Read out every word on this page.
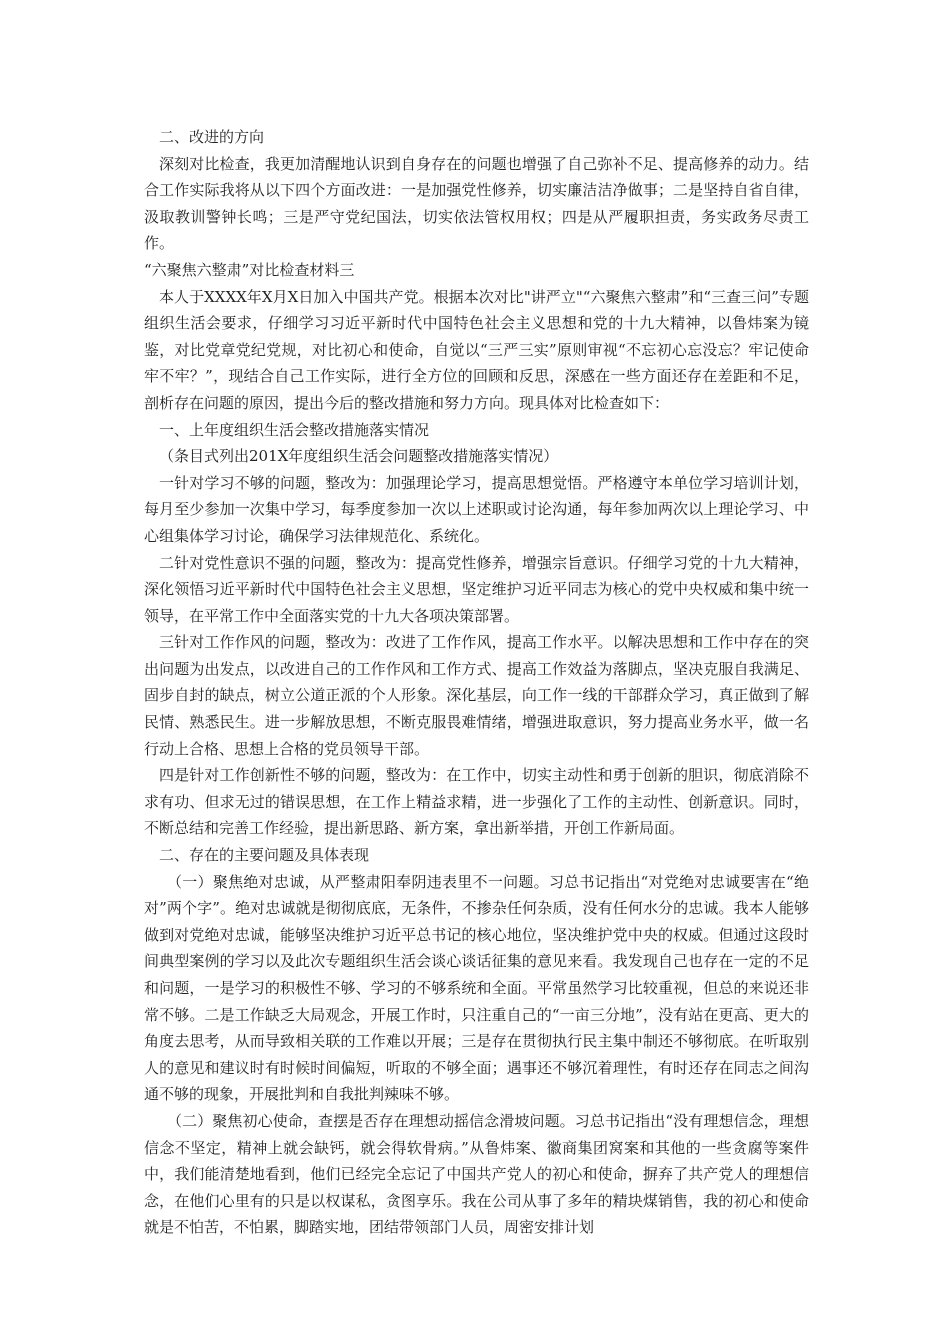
二、改进的方向

深刻对比检查，我更加清醒地认识到自身存在的问题也增强了自己弥补不足、提高修养的动力。结合工作实际我将从以下四个方面改进：一是加强党性修养，切实廉洁洁净做事；二是坚持自省自律，汲取教训警钟长鸣；三是严守党纪国法，切实依法管权用权；四是从严履职担责，务实政务尽责工作。

“六聚焦六整肃”对比检查材料三

本人于XXXX年X月X日加入中国共产党。根据本次对比"讲严立"“六聚焦六整肃”和“三查三问”专题组织生活会要求，仔细学习习近平新时代中国特色社会主义思想和党的十九大精神，以鲁炜案为镜鉴，对比党章党纪党规，对比初心和使命，自觉以“三严三实”原则审视“不忘初心忘没忘？牢记使命牢不牢？”，现结合自己工作实际，进行全方位的回顾和反思，深感在一些方面还存在差距和不足，剖析存在问题的原因，提出今后的整改措施和努力方向。现具体对比检查如下：

一、上年度组织生活会整改措施落实情况

（条目式列出201X年度组织生活会问题整改措施落实情况）

一针对学习不够的问题，整改为：加强理论学习，提高思想觉悟。严格遵守本单位学习培训计划，每月至少参加一次集中学习，每季度参加一次以上述职或讨论沟通，每年参加两次以上理论学习、中心组集体学习讨论，确保学习法律规范化、系统化。

二针对党性意识不强的问题，整改为：提高党性修养，增强宗旨意识。仔细学习党的十九大精神，深化领悟习近平新时代中国特色社会主义思想，坚定维护习近平同志为核心的党中央权威和集中统一领导，在平常工作中全面落实党的十九大各项决策部署。

三针对工作作风的问题，整改为：改进了工作作风，提高工作水平。以解决思想和工作中存在的突出问题为出发点，以改进自己的工作作风和工作方式、提高工作效益为落脚点，坚决克服自我满足、固步自封的缺点，树立公道正派的个人形象。深化基层，向工作一线的干部群众学习，真正做到了解民情、熟悉民生。进一步解放思想，不断克服畏难情绪，增强进取意识，努力提高业务水平，做一名行动上合格、思想上合格的党员领导干部。

四是针对工作创新性不够的问题，整改为：在工作中，切实主动性和勇于创新的胆识，彻底消除不求有功、但求无过的错误思想，在工作上精益求精，进一步强化了工作的主动性、创新意识。同时，不断总结和完善工作经验，提出新思路、新方案，拿出新举措，开创工作新局面。

二、存在的主要问题及具体表现

（一）聚焦绝对忠诚，从严整肃阳奉阴违表里不一问题。习总书记指出“对党绝对忠诚要害在“绝对”两个字”。绝对忠诚就是彻彻底底，无条件，不掺杂任何杂质，没有任何水分的忠诚。我本人能够做到对党绝对忠诚，能够坚决维护习近平总书记的核心地位，坚决维护党中央的权威。但通过这段时间典型案例的学习以及此次专题组织生活会谈心谈话征集的意见来看。我发现自己也存在一定的不足和问题，一是学习的积极性不够、学习的不够系统和全面。平常虽然学习比较重视，但总的来说还非常不够。二是工作缺乏大局观念，开展工作时，只注重自己的“一亩三分地”，没有站在更高、更大的角度去思考，从而导致相关联的工作难以开展；三是存在贯彻执行民主集中制还不够彻底。在听取别人的意见和建议时有时候时间偏短，听取的不够全面；遇事还不够沉着理性，有时还存在同志之间沟通不够的现象，开展批判和自我批判辣味不够。

（二）聚焦初心使命，查摆是否存在理想动摇信念滑坡问题。习总书记指出“没有理想信念，理想信念不坚定，精神上就会缺钙，就会得软骨病。”从鲁炜案、徽商集团窝案和其他的一些贪腐等案件中，我们能清楚地看到，他们已经完全忘记了中国共产党人的初心和使命，摒弃了共产党人的理想信念，在他们心里有的只是以权谋私，贪图享乐。我在公司从事了多年的精块煤销售，我的初心和使命就是不怕苦，不怕累，脚踏实地，团结带领部门人员，周密安排计划
